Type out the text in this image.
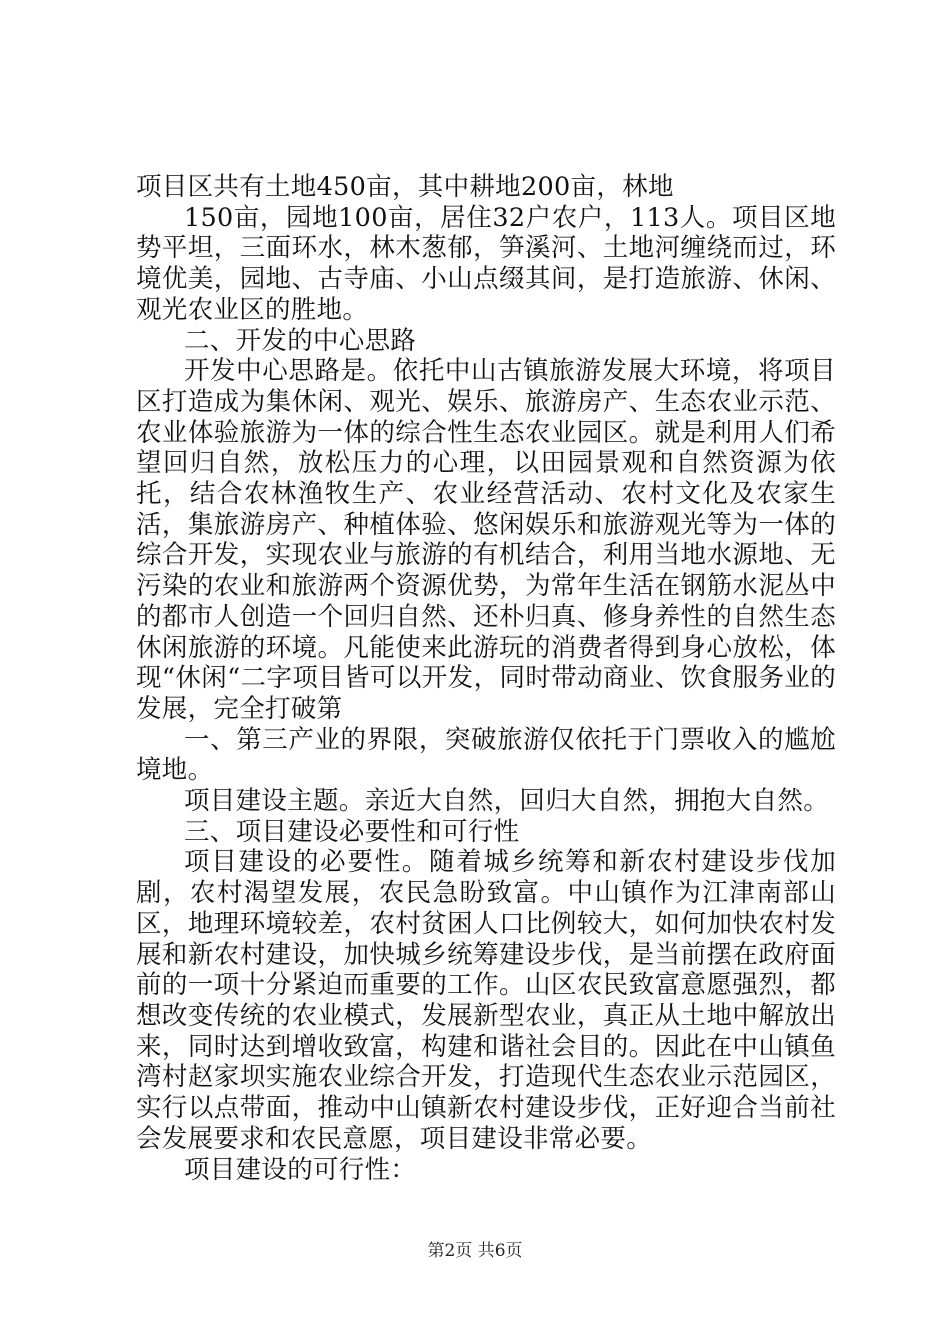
项目区共有土地450亩，其中耕地200亩，林地

150亩，园地100亩，居住32户农户，113人。项目区地势平坦，三面环水，林木葱郁，笋溪河、土地河缠绕而过，环境优美，园地、古寺庙、小山点缀其间，是打造旅游、休闲、观光农业区的胜地。

二、开发的中心思路

开发中心思路是。依托中山古镇旅游发展大环境，将项目区打造成为集休闲、观光、娱乐、旅游房产、生态农业示范、农业体验旅游为一体的综合性生态农业园区。就是利用人们希望回归自然，放松压力的心理，以田园景观和自然资源为依托，结合农林渔牧生产、农业经营活动、农村文化及农家生活，集旅游房产、种植体验、悠闲娱乐和旅游观光等为一体的综合开发，实现农业与旅游的有机结合，利用当地水源地、无污染的农业和旅游两个资源优势，为常年生活在钢筋水泥丛中的都市人创造一个回归自然、还朴归真、修身养性的自然生态休闲旅游的环境。凡能使来此游玩的消费者得到身心放松，体现“休闲“二字项目皆可以开发，同时带动商业、饮食服务业的发展，完全打破第

一、第三产业的界限，突破旅游仅依托于门票收入的尴尬境地。

项目建设主题。亲近大自然，回归大自然，拥抱大自然。

三、项目建设必要性和可行性

项目建设的必要性。随着城乡统筹和新农村建设步伐加剧，农村渴望发展，农民急盼致富。中山镇作为江津南部山区，地理环境较差，农村贫困人口比例较大，如何加快农村发展和新农村建设，加快城乡统筹建设步伐，是当前摆在政府面前的一项十分紧迫而重要的工作。山区农民致富意愿强烈，都想改变传统的农业模式，发展新型农业，真正从土地中解放出来，同时达到增收致富，构建和谐社会目的。因此在中山镇鱼湾村赵家坝实施农业综合开发，打造现代生态农业示范园区，实行以点带面，推动中山镇新农村建设步伐，正好迎合当前社会发展要求和农民意愿，项目建设非常必要。

项目建设的可行性：

第2页 共6页
